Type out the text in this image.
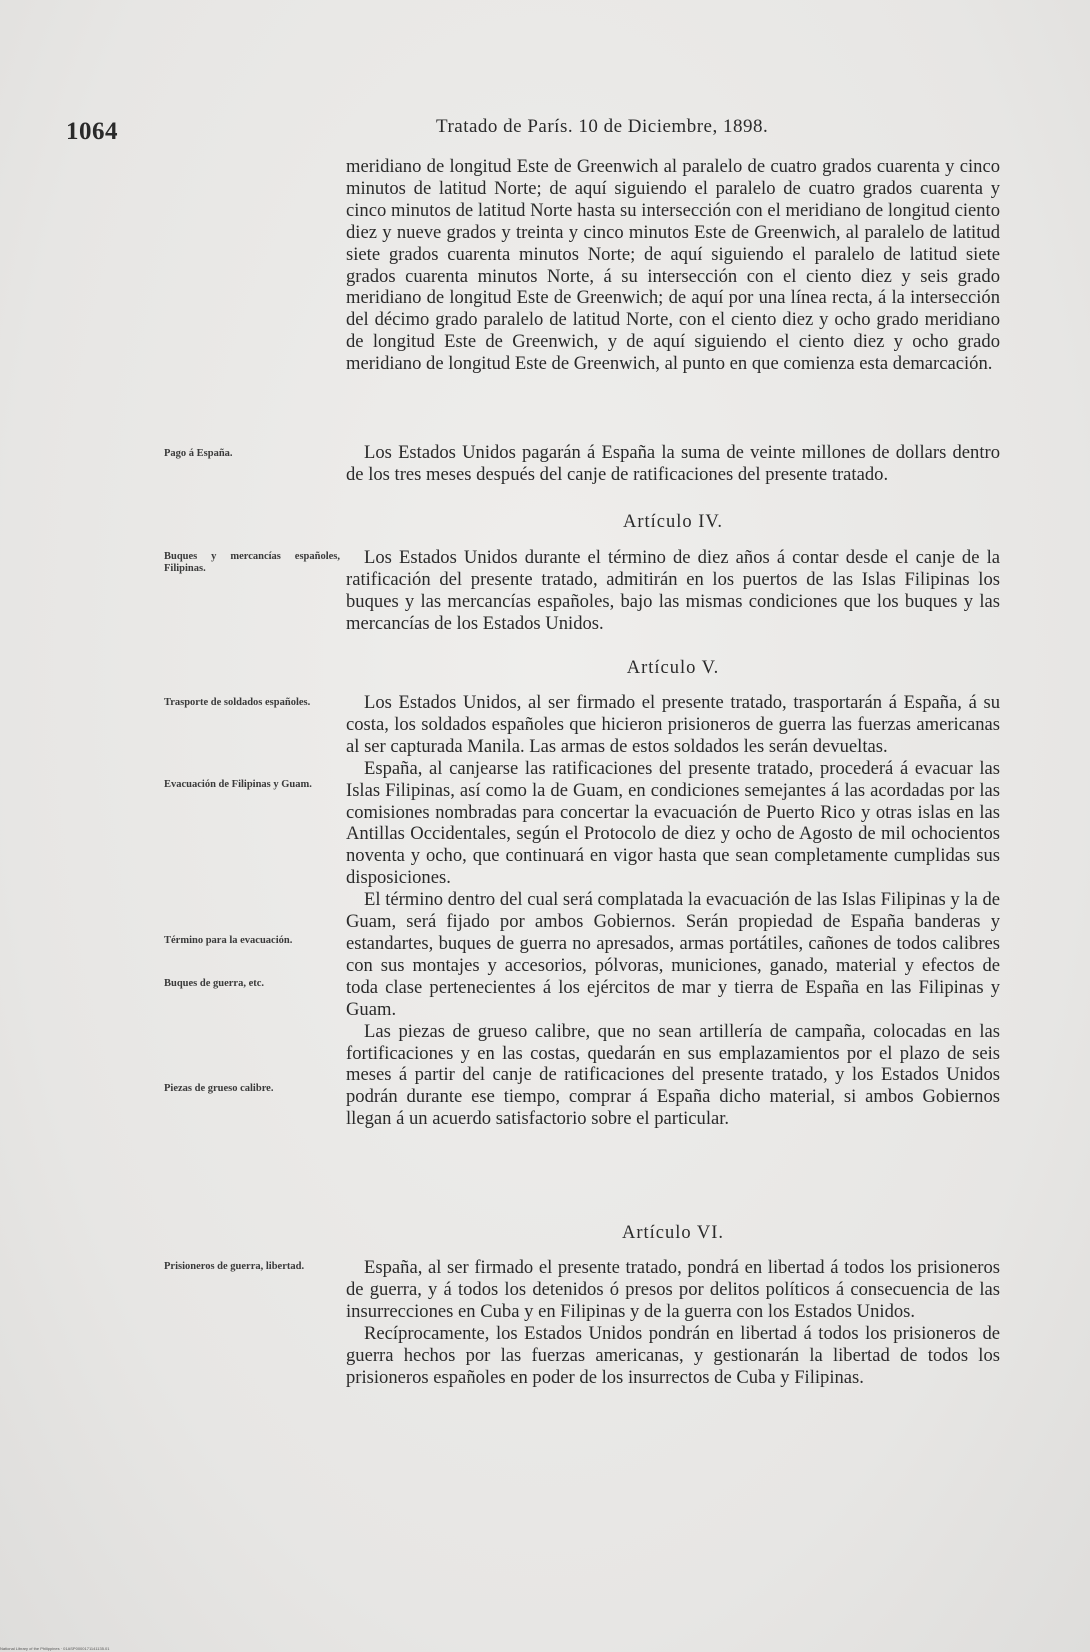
1064	Tratado de París. 10 de Diciembre, 1898.

meridiano de longitud Este de Greenwich al paralelo de cuatro grados cuarenta y cinco minutos de latitud Norte; de aquí siguiendo el paralelo de cuatro grados cuarenta y cinco minutos de latitud Norte hasta su intersección con el meridiano de longitud ciento diez y nueve grados y treinta y cinco minutos Este de Greenwich, al paralelo de latitud siete grados cuarenta minutos Norte; de aquí siguiendo el paralelo de latitud siete grados cuarenta minutos Norte, á su intersección con el ciento diez y seis grado meridiano de longitud Este de Greenwich; de aquí por una línea recta, á la intersección del décimo grado paralelo de latitud Norte, con el ciento diez y ocho grado meridiano de longitud Este de Greenwich, y de aquí siguiendo el ciento diez y ocho grado meridiano de longitud Este de Greenwich, al punto en que comienza esta demarcación.

Pago á España.	Los Estados Unidos pagarán á España la suma de veinte millones de dollars dentro de los tres meses después del canje de ratificaciones del presente tratado.

Artículo IV.
Buques y mercancías españoles, Filipinas.

Los Estados Unidos durante el término de diez años á contar desde el canje de la ratificación del presente tratado, admitirán en los puertos de las Islas Filipinas los buques y las mercancías españoles, bajo las mismas condiciones que los buques y las mercancías de los Estados Unidos.

Artículo V.
Trasporte de soldados españoles.
Evacuación de Filipinas y Guam.
Término para la evacuación.
Buques de guerra, etc.
Piezas de grueso calibre.

Los Estados Unidos, al ser firmado el presente tratado, trasportarán á España, á su costa, los soldados españoles que hicieron prisioneros de guerra las fuerzas americanas al ser capturada Manila. Las armas de estos soldados les serán devueltas.

España, al canjearse las ratificaciones del presente tratado, procederá á evacuar las Islas Filipinas, así como la de Guam, en condiciones semejantes á las acordadas por las comisiones nombradas para concertar la evacuación de Puerto Rico y otras islas en las Antillas Occidentales, según el Protocolo de diez y ocho de Agosto de mil ochocientos noventa y ocho, que continuará en vigor hasta que sean completamente cumplidas sus disposiciones.

El término dentro del cual será complatada la evacuación de las Islas Filipinas y la de Guam, será fijado por ambos Gobiernos. Serán propiedad de España banderas y estandartes, buques de guerra no apresados, armas portátiles, cañones de todos calibres con sus montajes y accesorios, pólvoras, municiones, ganado, material y efectos de toda clase pertenecientes á los ejércitos de mar y tierra de España en las Filipinas y Guam.

Las piezas de grueso calibre, que no sean artillería de campaña, colocadas en las fortificaciones y en las costas, quedarán en sus emplazamientos por el plazo de seis meses á partir del canje de ratificaciones del presente tratado, y los Estados Unidos podrán durante ese tiempo, comprar á España dicho material, si ambos Gobiernos llegan á un acuerdo satisfactorio sobre el particular.

Artículo VI.
Prisioneros de guerra, libertad.	España, al ser firmado el presente tratado, pondrá en libertad á todos los prisioneros de guerra, y á todos los detenidos ó presos por delitos políticos á consecuencia de las insurrecciones en Cuba y en Filipinas y de la guerra con los Estados Unidos.

Recíprocamente, los Estados Unidos pondrán en libertad á todos los prisioneros de guerra hechos por las fuerzas americanas, y gestionarán la libertad de todos los prisioneros españoles en poder de los insurrectos de Cuba y Filipinas.

National Library of the Philippines · 01ASP0000171141135.01
